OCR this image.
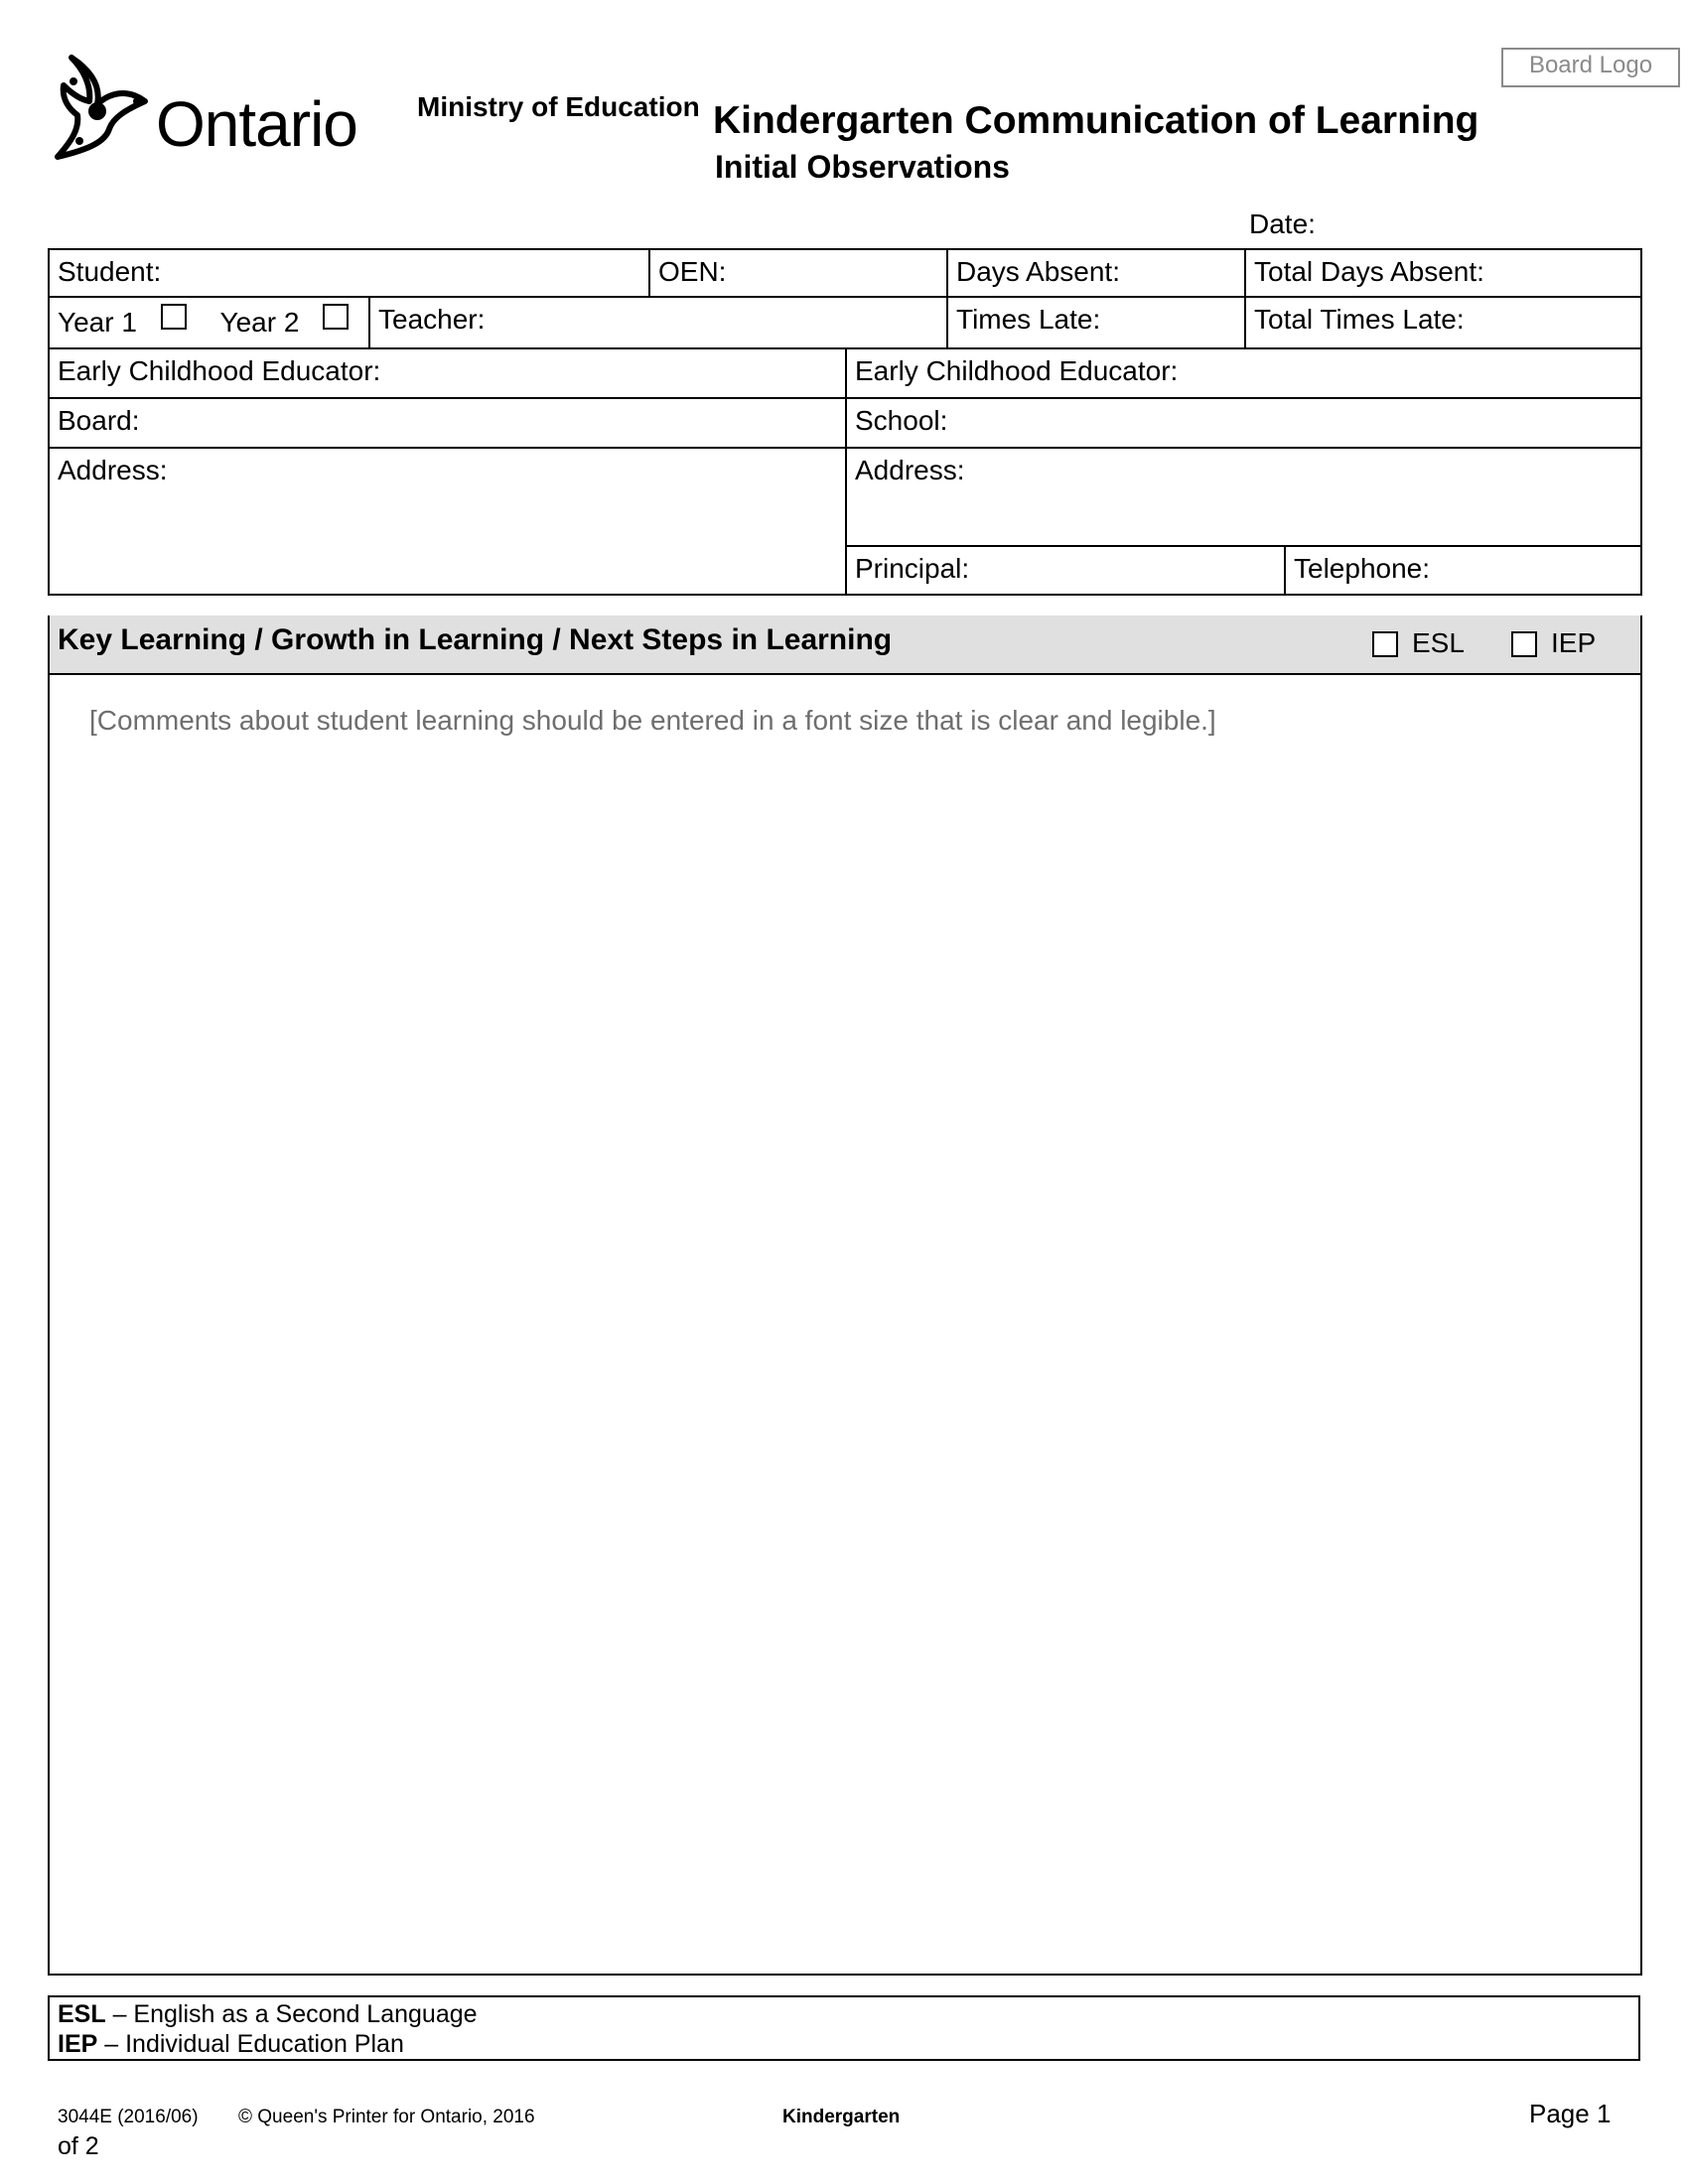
Ontario Ministry of Education Kindergarten Communication of Learning
Initial Observations
Board Logo
Date:
Student:	OEN:	Days Absent:	Total Days Absent:
Year 1	Year 2	Teacher:	Times Late:	Total Times Late:
Early Childhood Educator:	Early Childhood Educator:
Board:	School:
Address:	Address:
Principal:	Telephone:
Key Learning / Growth in Learning / Next Steps in Learning	ESL	IEP
[Comments about student learning should be entered in a font size that is clear and legible.]
ESL – English as a Second Language
IEP – Individual Education Plan
3044E (2016/06) © Queen's Printer for Ontario, 2016	Kindergarten	Page 1
of 2
